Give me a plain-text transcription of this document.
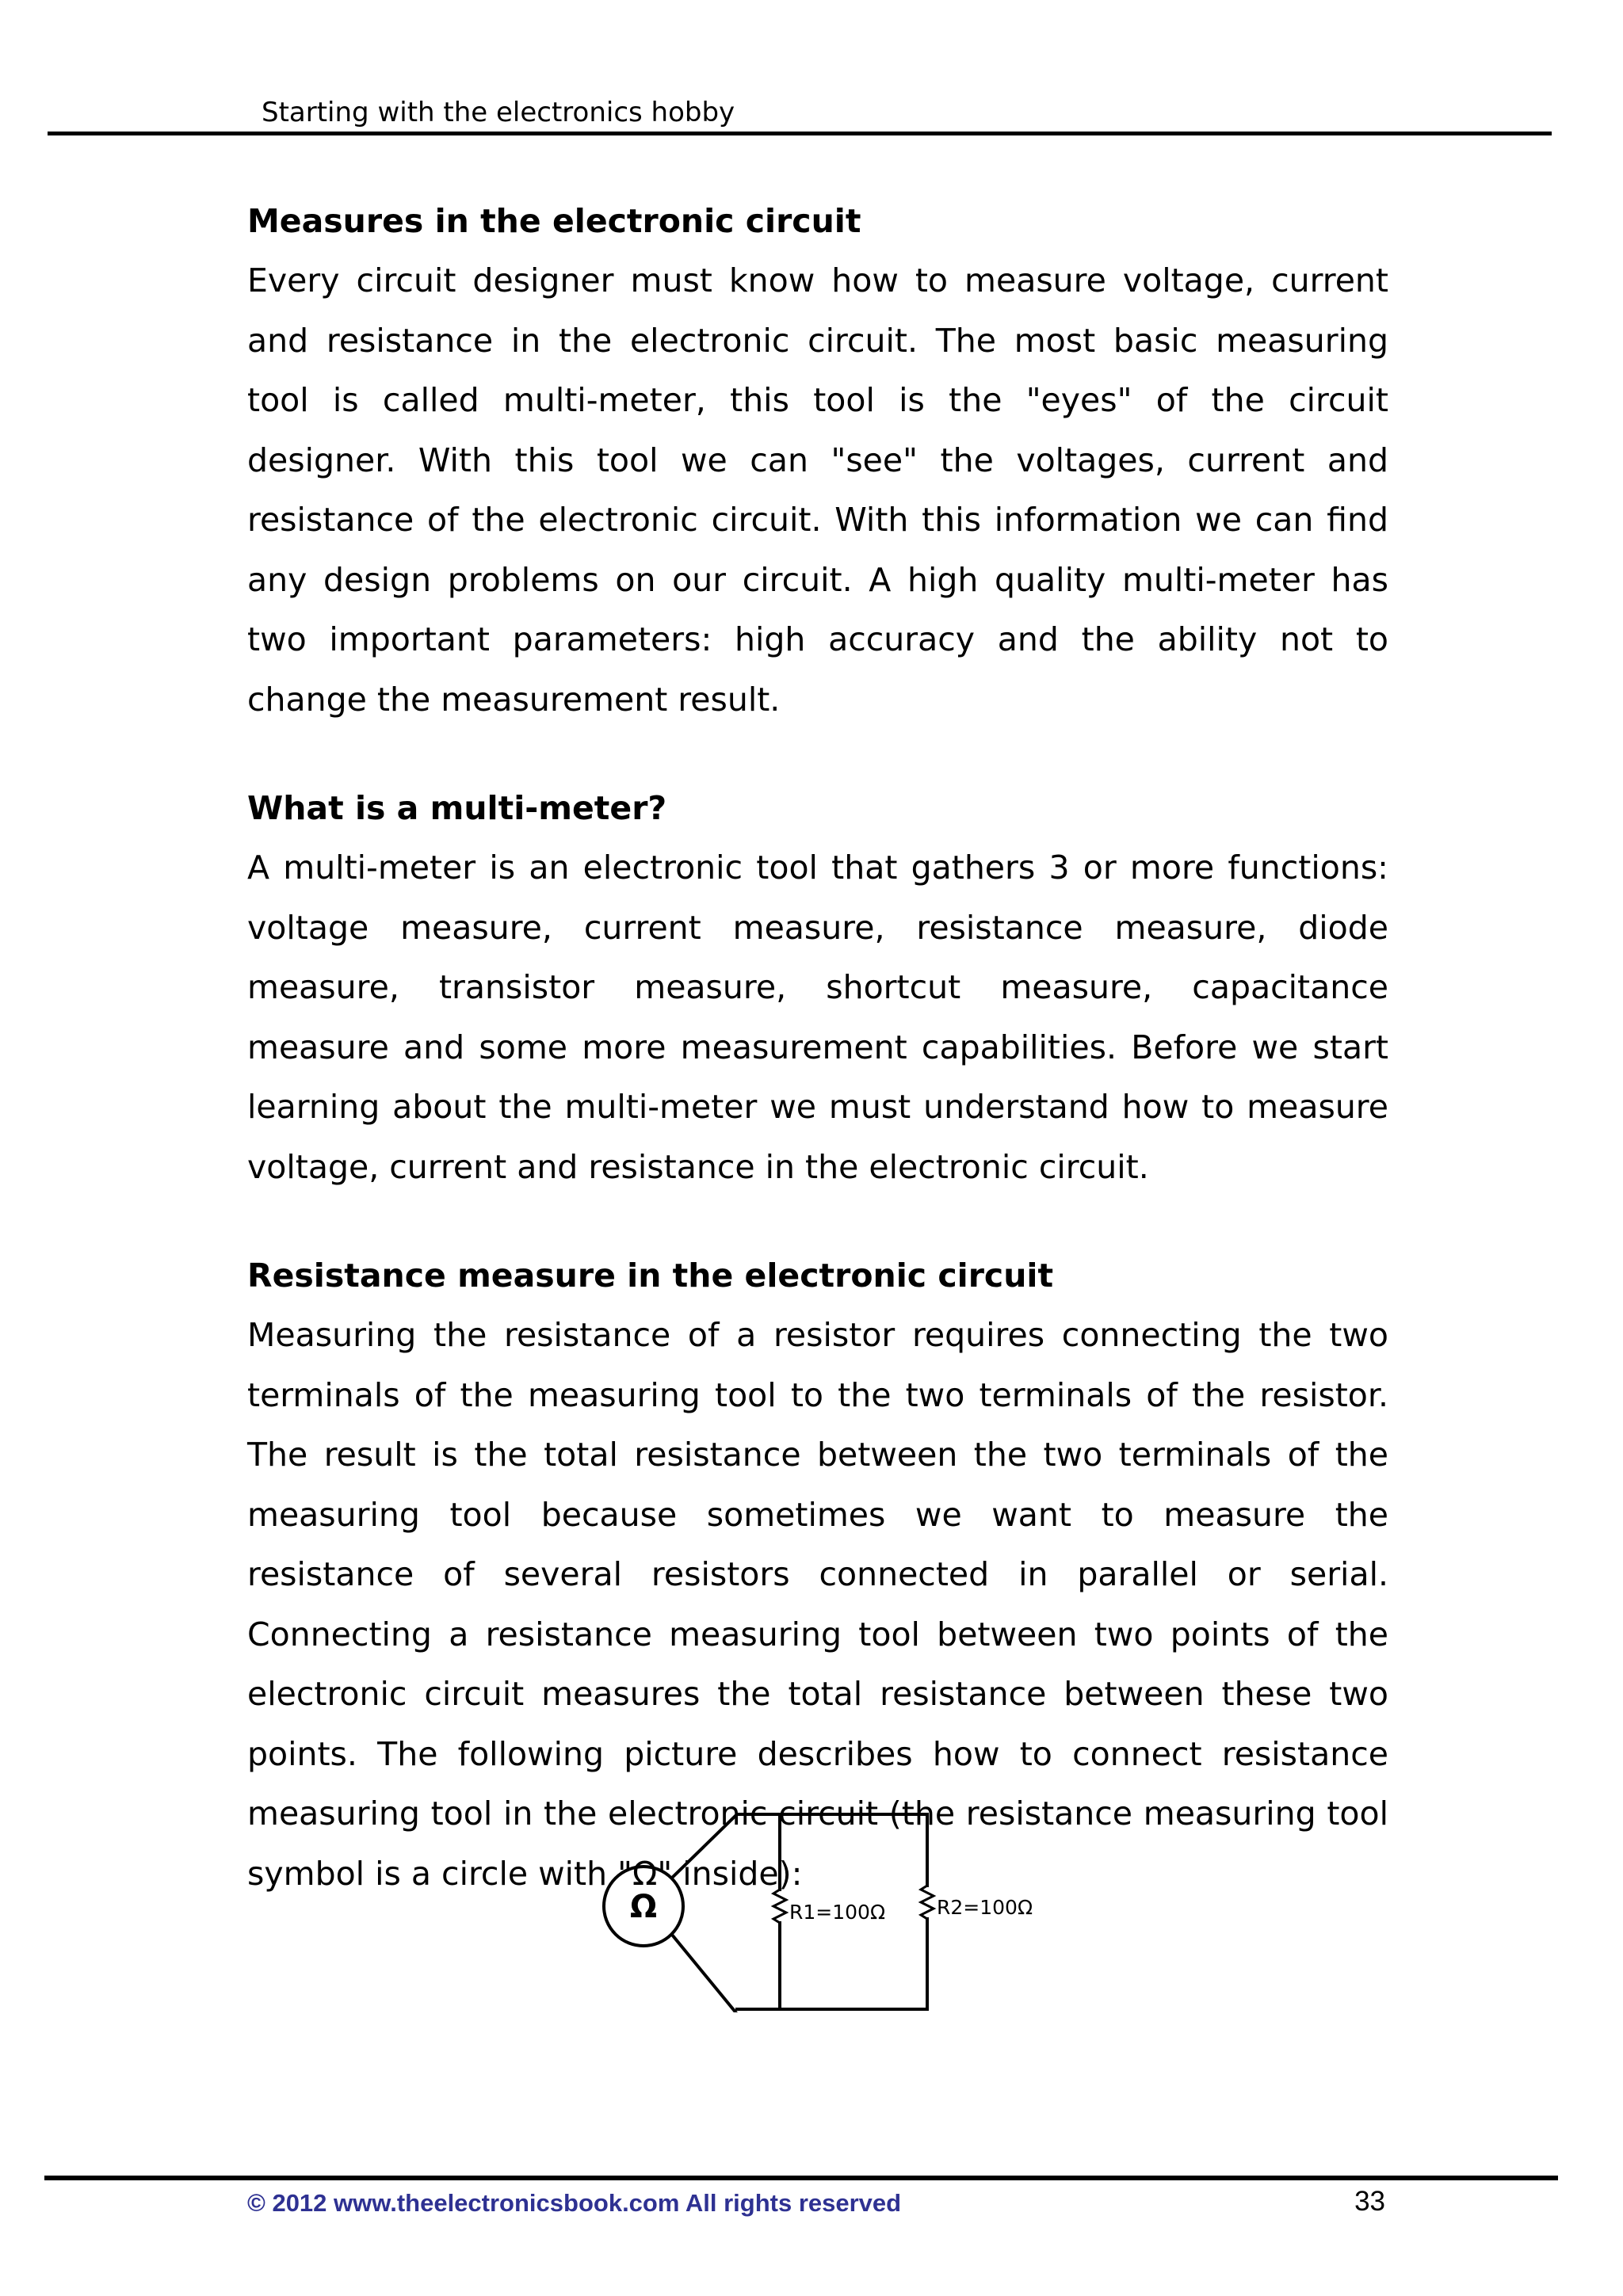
Starting with the electronics hobby
Measures in the electronic circuit

Every circuit designer must know how to measure voltage, current and resistance in the electronic circuit. The most basic measuring tool is called multi-meter, this tool is the "eyes" of the circuit designer. With this tool we can "see" the voltages, current and resistance of the electronic circuit. With this information we can find any design problems on our circuit. A high quality multi-meter has two important parameters: high accuracy and the ability not to change the measurement result.

What is a multi-meter?

A multi-meter is an electronic tool that gathers 3 or more functions: voltage measure, current measure, resistance measure, diode measure, transistor measure, shortcut measure, capacitance measure and some more measurement capabilities. Before we start learning about the multi-meter we must understand how to measure voltage, current and resistance in the electronic circuit.

Resistance measure in the electronic circuit

Measuring the resistance of a resistor requires connecting the two terminals of the measuring tool to the two terminals of the resistor. The result is the total resistance between the two terminals of the measuring tool because sometimes we want to measure the resistance of several resistors connected in parallel or serial. Connecting a resistance measuring tool between two points of the electronic circuit measures the total resistance between these two points. The following picture describes how to connect resistance measuring tool in the electronic circuit (the resistance measuring tool symbol is a circle with "Ω" inside):

Ω	R1=100Ω	R2=100Ω
© 2012 www.theelectronicsbook.com All rights reserved	33
